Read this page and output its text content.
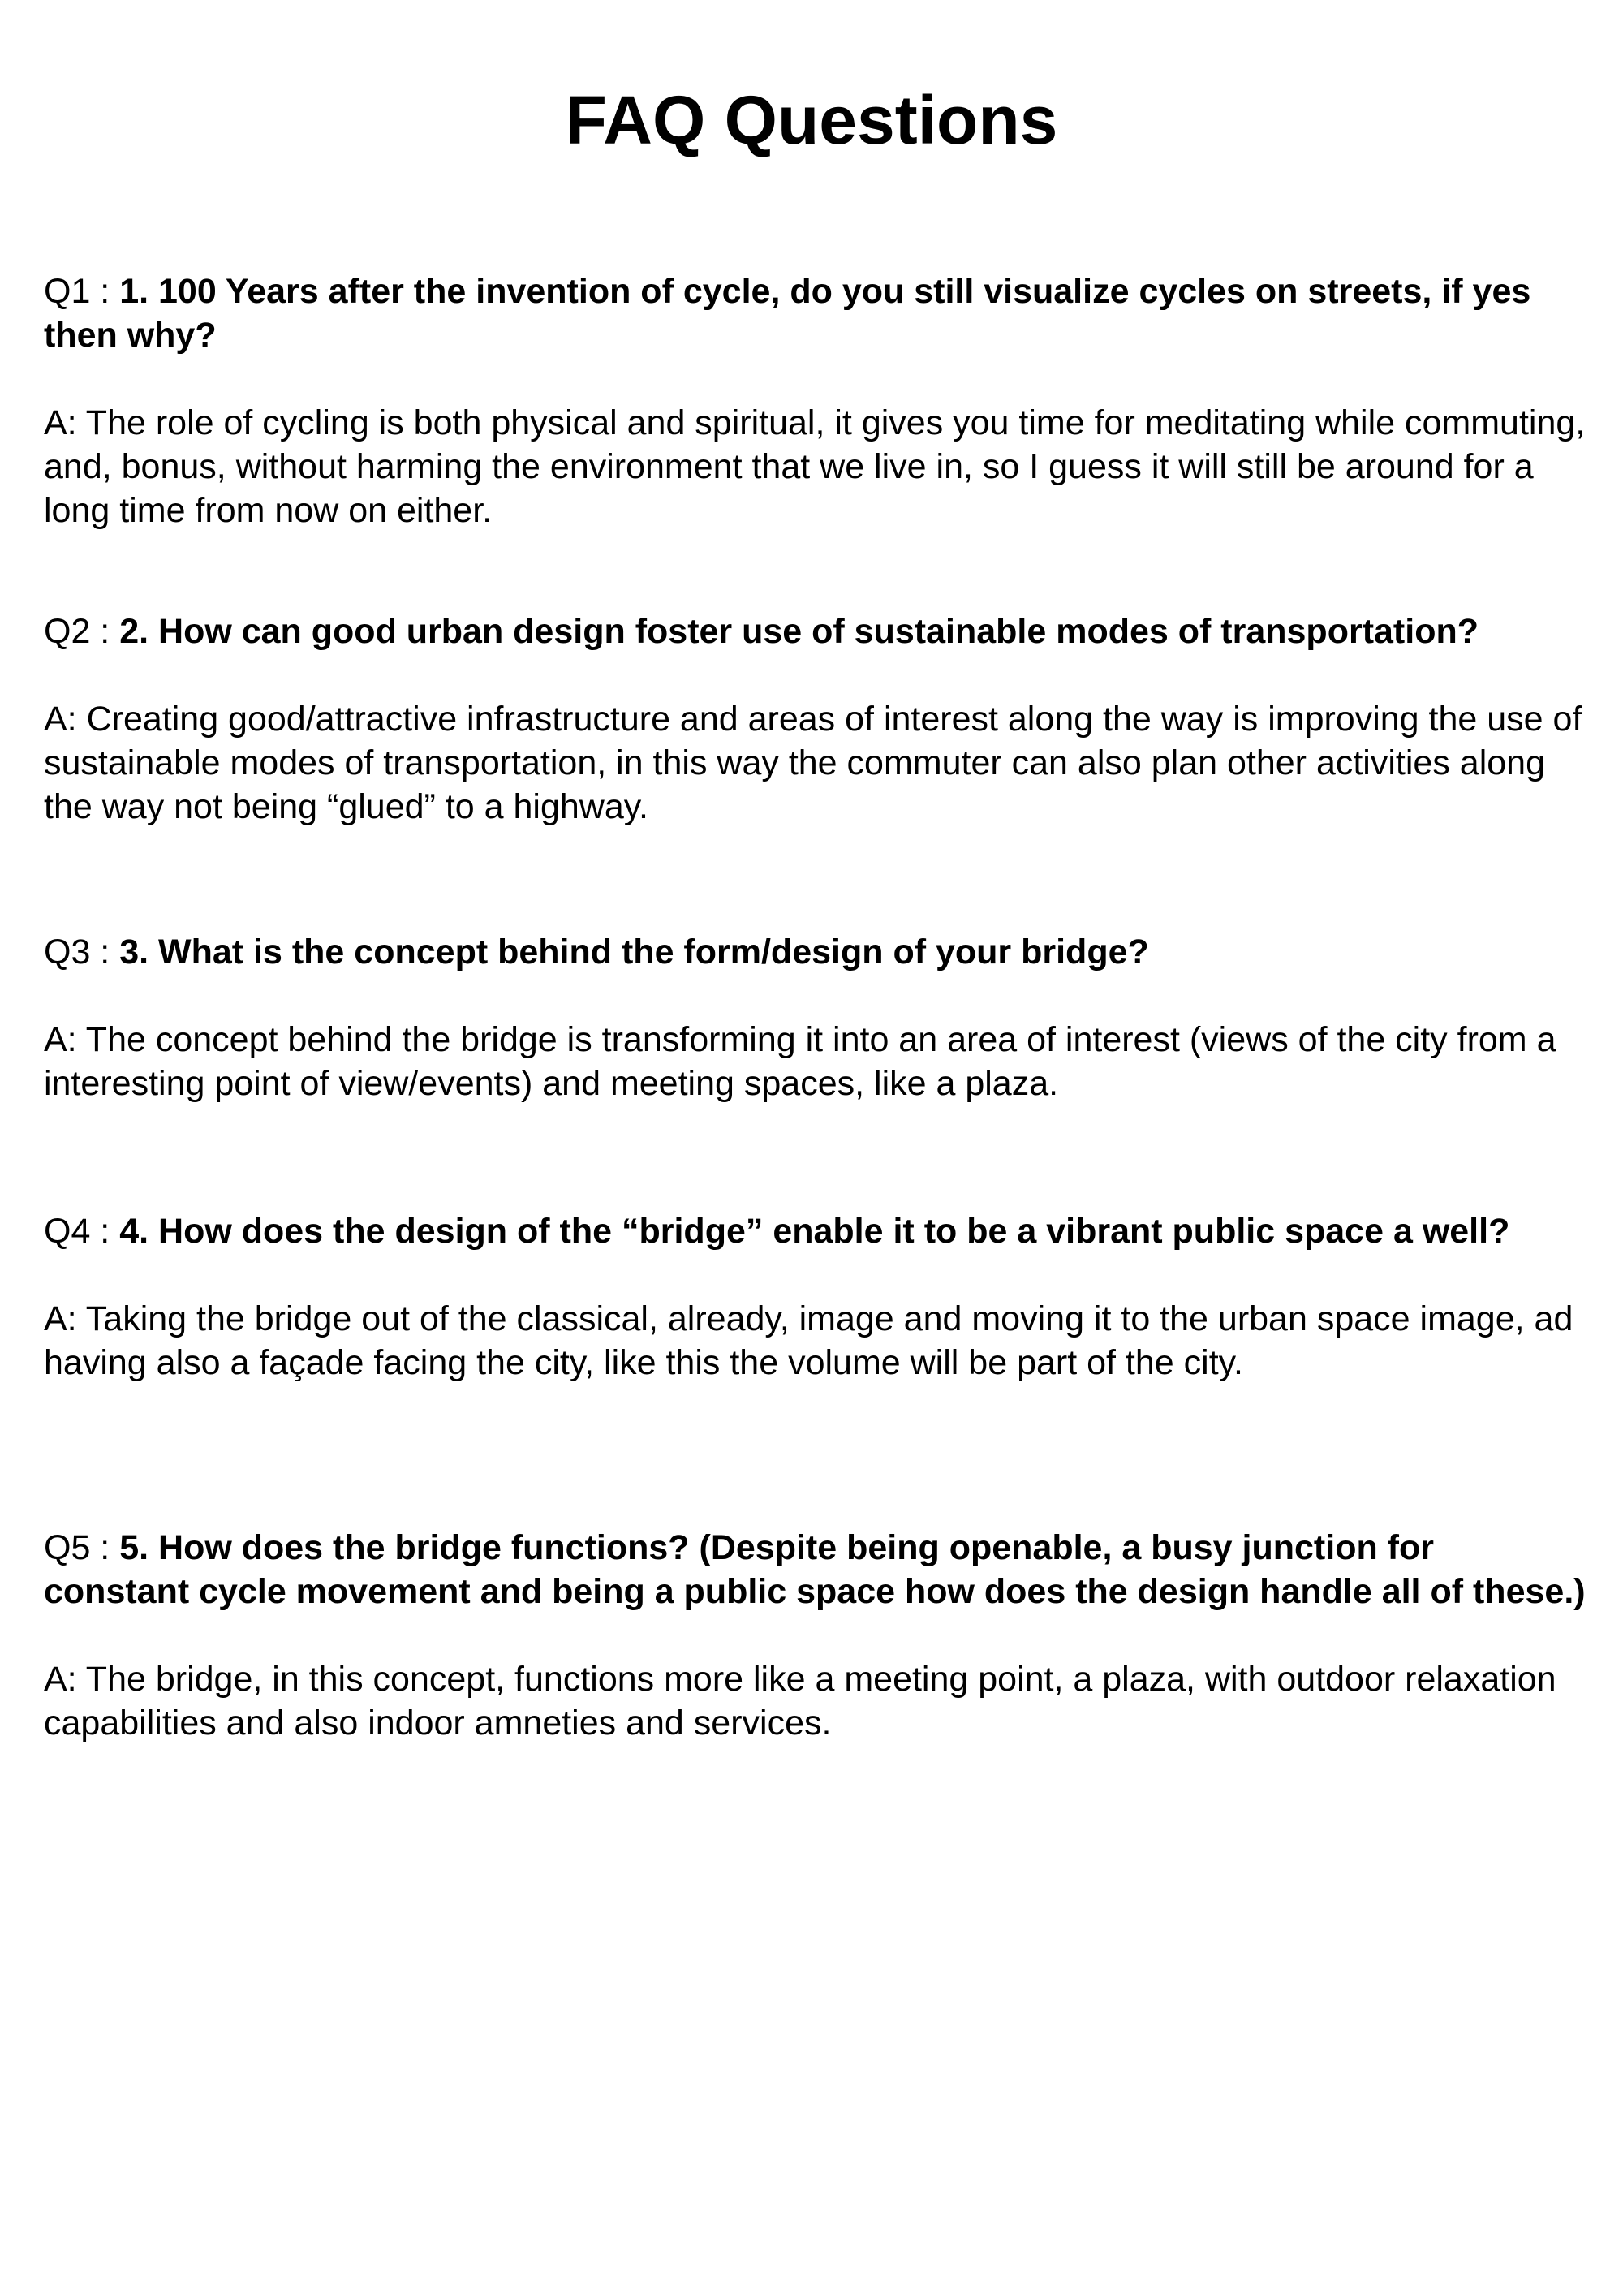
FAQ Questions

Q1 : 1. 100 Years after the invention of cycle, do you still visualize cycles on streets, if yes then why?

A: The role of cycling is both physical and spiritual, it gives you time for meditating while commuting, and, bonus, without harming the environment that we live in, so I guess it will still be around for a long time from now on either.

Q2 : 2. How can good urban design foster use of sustainable modes of transportation?

A: Creating good/attractive infrastructure and areas of interest along the way is improving the use of sustainable modes of transportation, in this way the commuter can also plan other activities along the way not being “glued” to a highway.

Q3 : 3. What is the concept behind the form/design of your bridge?

A: The concept behind the bridge is transforming it into an area of interest (views of the city from a interesting point of view/events) and meeting spaces, like a plaza.

Q4 : 4. How does the design of the “bridge” enable it to be a vibrant public space a well?

A: Taking the bridge out of the classical, already, image and moving it to the urban space image, ad having also a façade facing the city, like this the volume will be part of the city.

Q5 : 5. How does the bridge functions? (Despite being openable, a busy junction for constant cycle movement and being a public space how does the design handle all of these.)

A: The bridge, in this concept, functions more like a meeting point, a plaza, with outdoor relaxation capabilities and also indoor amneties and services.
